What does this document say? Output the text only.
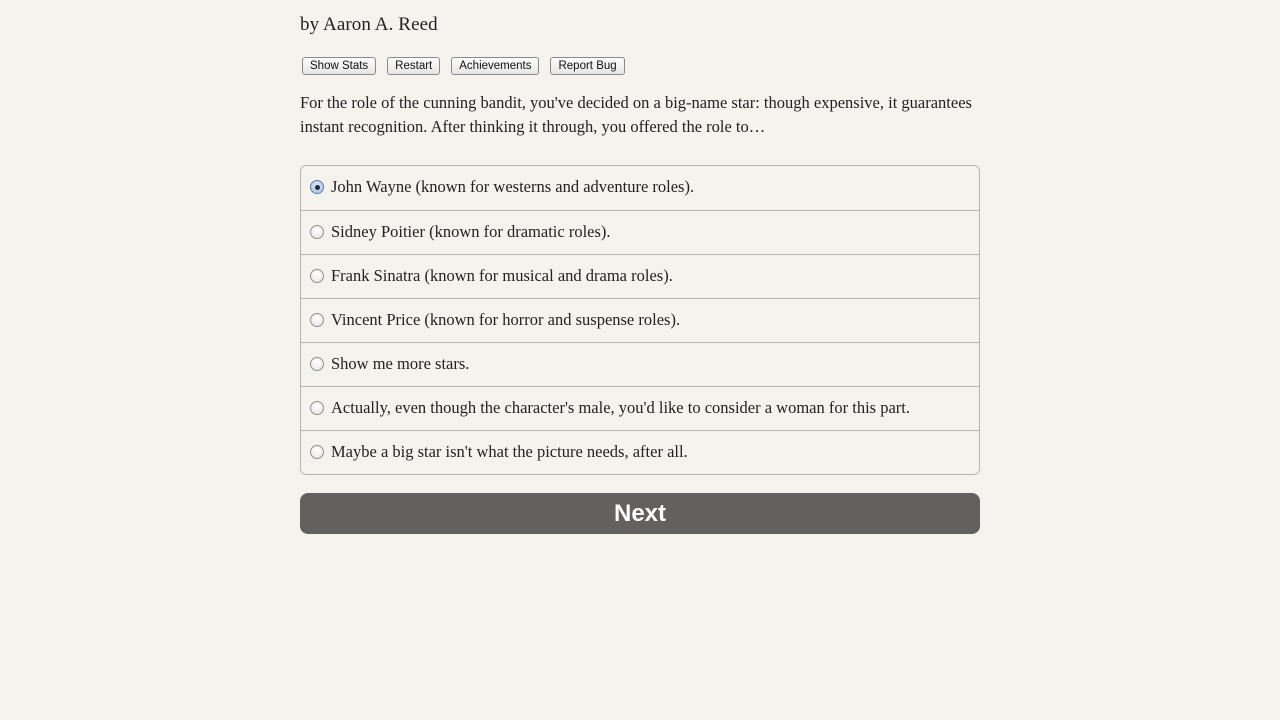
by Aaron A. Reed
Show Stats	Restart	Achievements	Report Bug
For the role of the cunning bandit, you've decided on a big-name star: though expensive, it guarantees instant recognition. After thinking it through, you offered the role to…
John Wayne (known for westerns and adventure roles).
Sidney Poitier (known for dramatic roles).
Frank Sinatra (known for musical and drama roles).
Vincent Price (known for horror and suspense roles).
Show me more stars.
Actually, even though the character's male, you'd like to consider a woman for this part.
Maybe a big star isn't what the picture needs, after all.
Next
